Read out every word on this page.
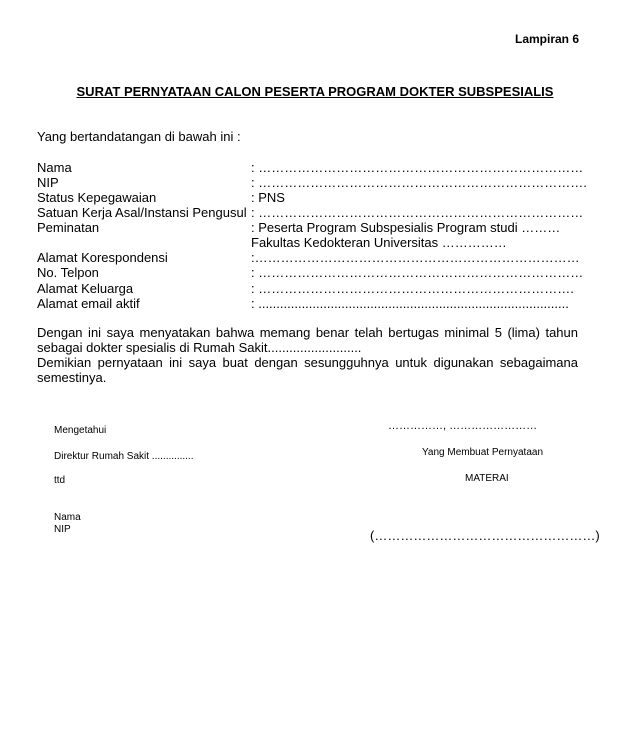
Lampiran 6
SURAT PERNYATAAN CALON PESERTA PROGRAM DOKTER SUBSPESIALIS
Yang bertandatangan di bawah ini :
Nama	: …………………………………………………………………
NIP	: ………………………………………………………………….
Status Kepegawaian	: PNS
Satuan Kerja Asal/Instansi Pengusul : …………………………………………………………………
Peminatan	: Peserta Program Subspesialis Program studi ………
Fakultas Kedokteran Universitas ……………
Alamat Korespondensi	:…………………………………………………………………
No. Telpon	: …………………………………………………………………
Alamat Keluarga	: ……………………………………………………………….
Alamat email aktif	: ......................................................................................
Dengan ini saya menyatakan bahwa memang benar telah bertugas minimal 5 (lima) tahun sebagai dokter spesialis di Rumah Sakit..........................
Demikian pernyataan ini saya buat dengan sesungguhnya untuk digunakan sebagaimana semestinya.
Mengetahui
Direktur Rumah Sakit ...............
ttd
Nama
NIP
……………, ……………………
Yang Membuat Pernyataan
MATERAI
(……………………………………………)
